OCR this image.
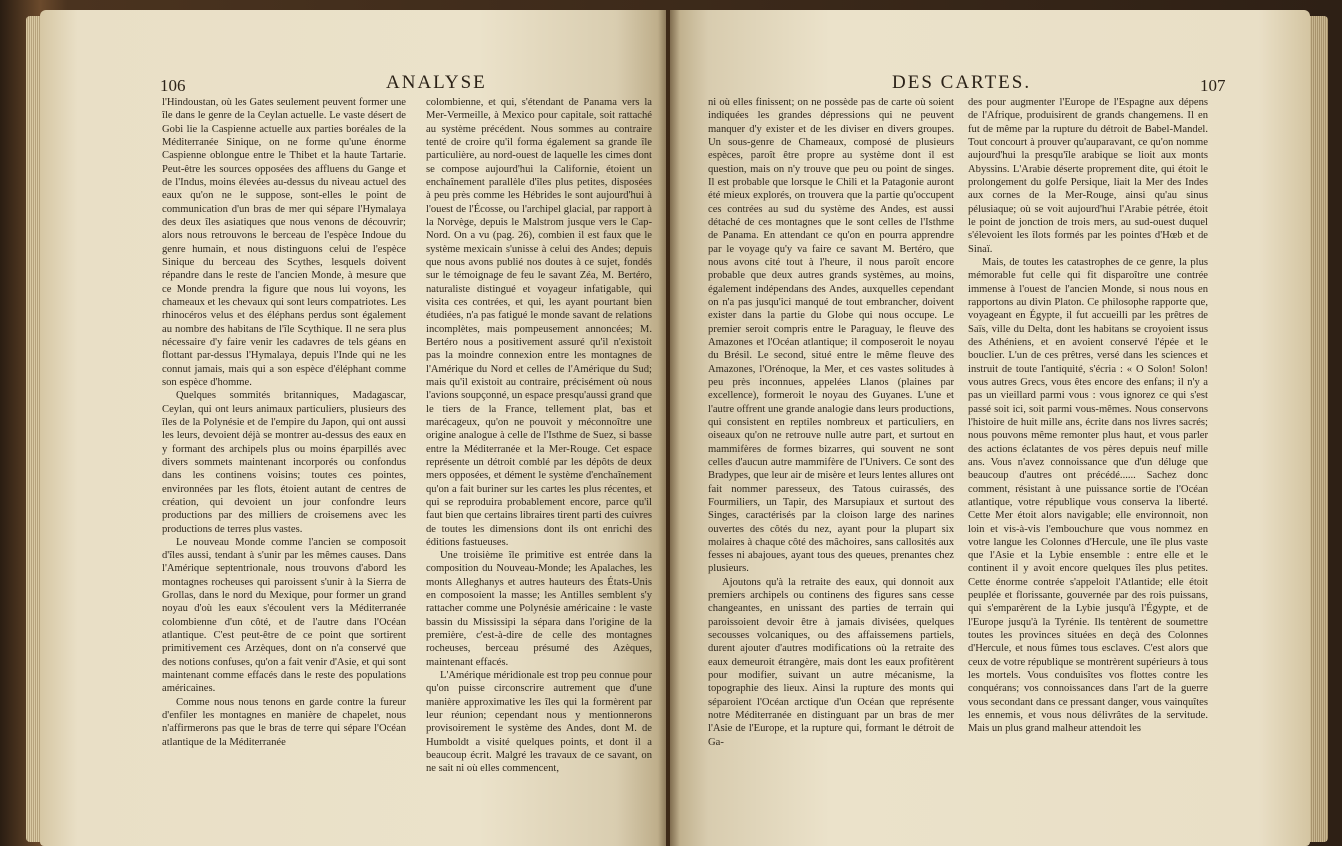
106	ANALYSE

l'Hindoustan, où les Gates seulement peuvent former une île dans le genre de la Ceylan actuelle. Le vaste désert de Gobi lie la Caspienne actuelle aux parties boréales de la Méditerranée Sinique, on ne forme qu'une énorme Caspienne oblongue entre le Thibet et la haute Tartarie. Peut-être les sources opposées des affluens du Gange et de l'Indus, moins élevées au-dessus du niveau actuel des eaux qu'on ne le suppose, sont-elles le point de communication d'un bras de mer qui sépare l'Hymalaya des deux îles asiatiques que nous venons de découvrir; alors nous retrouvons le berceau de l'espèce Indoue du genre humain, et nous distinguons celui de l'espèce Sinique du berceau des Scythes, lesquels doivent répandre dans le reste de l'ancien Monde, à mesure que ce Monde prendra la figure que nous lui voyons, les chameaux et les chevaux qui sont leurs compatriotes. Les rhinocéros velus et des éléphans perdus sont également au nombre des habitans de l'île Scythique. Il ne sera plus nécessaire d'y faire venir les cadavres de tels géans en flottant par-dessus l'Hymalaya, depuis l'Inde qui ne les connut jamais, mais qui a son espèce d'éléphant comme son espèce d'homme.

Quelques sommités britanniques, Madagascar, Ceylan, qui ont leurs animaux particuliers, plusieurs des îles de la Polynésie et de l'empire du Japon, qui ont aussi les leurs, devoient déjà se montrer au-dessus des eaux en y formant des archipels plus ou moins éparpillés avec divers sommets maintenant incorporés ou confondus dans les continens voisins; toutes ces pointes, environnées par les flots, étoient autant de centres de création, qui devoient un jour confondre leurs productions par des milliers de croisemens avec les productions de terres plus vastes.

Le nouveau Monde comme l'ancien se composoit d'îles aussi, tendant à s'unir par les mêmes causes. Dans l'Amérique septentrionale, nous trouvons d'abord les montagnes rocheuses qui paroissent s'unir à la Sierra de Grollas, dans le nord du Mexique, pour former un grand noyau d'où les eaux s'écoulent vers la Méditerranée colombienne d'un côté, et de l'autre dans l'Océan atlantique. C'est peut-être de ce point que sortirent primitivement ces Arzèques, dont on n'a conservé que des notions confuses, qu'on a fait venir d'Asie, et qui sont maintenant comme effacés dans le reste des populations américaines.

Comme nous nous tenons en garde contre la fureur d'enfiler les montagnes en manière de chapelet, nous n'affirmerons pas que le bras de terre qui sépare l'Océan atlantique de la Méditerranée

colombienne, et qui, s'étendant de Panama vers la Mer-Vermeille, à Mexico pour capitale, soit rattaché au système précédent. Nous sommes au contraire tenté de croire qu'il forma également sa grande île particulière, au nord-ouest de laquelle les cimes dont se compose aujourd'hui la Californie, étoient un enchaînement parallèle d'îles plus petites, disposées à peu près comme les Hébrides le sont aujourd'hui à l'ouest de l'Écosse, ou l'archipel glacial, par rapport à la Norvège, depuis le Malstrom jusque vers le Cap-Nord. On a vu (pag. 26), combien il est faux que le système mexicain s'unisse à celui des Andes; depuis que nous avons publié nos doutes à ce sujet, fondés sur le témoignage de feu le savant Zéa, M. Bertéro, naturaliste distingué et voyageur infatigable, qui visita ces contrées, et qui, les ayant pourtant bien étudiées, n'a pas fatigué le monde savant de relations incomplètes, mais pompeusement annoncées; M. Bertéro nous a positivement assuré qu'il n'existoit pas la moindre connexion entre les montagnes de l'Amérique du Nord et celles de l'Amérique du Sud; mais qu'il existoit au contraire, précisément où nous l'avions soupçonné, un espace presqu'aussi grand que le tiers de la France, tellement plat, bas et marécageux, qu'on ne pouvoit y méconnoître une origine analogue à celle de l'Isthme de Suez, si basse entre la Méditerranée et la Mer-Rouge. Cet espace représente un détroit comblé par les dépôts de deux mers opposées, et dément le système d'enchaînement qu'on a fait buriner sur les cartes les plus récentes, et qui se reproduira probablement encore, parce qu'il faut bien que certains libraires tirent parti des cuivres de toutes les dimensions dont ils ont enrichi des éditions fastueuses.

Une troisième île primitive est entrée dans la composition du Nouveau-Monde; les Apalaches, les monts Alleghanys et autres hauteurs des États-Unis en composoient la masse; les Antilles semblent s'y rattacher comme une Polynésie américaine : le vaste bassin du Mississipi la sépara dans l'origine de la première, c'est-à-dire de celle des montagnes rocheuses, berceau présumé des Azèques, maintenant effacés.

L'Amérique méridionale est trop peu connue pour qu'on puisse circonscrire autrement que d'une manière approximative les îles qui la formèrent par leur réunion; cependant nous y mentionnerons provisoirement le système des Andes, dont M. de Humboldt a visité quelques points, et dont il a beaucoup écrit. Malgré les travaux de ce savant, on ne sait ni où elles commencent,

DES CARTES.	107

ni où elles finissent; on ne possède pas de carte où soient indiquées les grandes dépressions qui ne peuvent manquer d'y exister et de les diviser en divers groupes. Un sous-genre de Chameaux, composé de plusieurs espèces, paroît être propre au système dont il est question, mais on n'y trouve que peu ou point de singes. Il est probable que lorsque le Chili et la Patagonie auront été mieux explorés, on trouvera que la partie qu'occupent ces contrées au sud du système des Andes, est aussi détaché de ces montagnes que le sont celles de l'Isthme de Panama. En attendant ce qu'on en pourra apprendre par le voyage qu'y va faire ce savant M. Bertéro, que nous avons cité tout à l'heure, il nous paroît encore probable que deux autres grands systèmes, au moins, également indépendans des Andes, auxquelles cependant on n'a pas jusqu'ici manqué de tout embrancher, doivent exister dans la partie du Globe qui nous occupe. Le premier seroit compris entre le Paraguay, le fleuve des Amazones et l'Océan atlantique; il composeroit le noyau du Brésil. Le second, situé entre le même fleuve des Amazones, l'Orénoque, la Mer, et ces vastes solitudes à peu près inconnues, appelées Llanos (plaines par excellence), formeroit le noyau des Guyanes. L'une et l'autre offrent une grande analogie dans leurs productions, qui consistent en reptiles nombreux et particuliers, en oiseaux qu'on ne retrouve nulle autre part, et surtout en mammifères de formes bizarres, qui souvent ne sont celles d'aucun autre mammifère de l'Univers. Ce sont des Bradypes, que leur air de misère et leurs lentes allures ont fait nommer paresseux, des Tatous cuirassés, des Fourmiliers, un Tapir, des Marsupiaux et surtout des Singes, caractérisés par la cloison large des narines ouvertes des côtés du nez, ayant pour la plupart six molaires à chaque côté des mâchoires, sans callosités aux fesses ni abajoues, ayant tous des queues, prenantes chez plusieurs.

Ajoutons qu'à la retraite des eaux, qui donnoit aux premiers archipels ou continens des figures sans cesse changeantes, en unissant des parties de terrain qui paroissoient devoir être à jamais divisées, quelques secousses volcaniques, ou des affaissemens partiels, durent ajouter d'autres modifications où la retraite des eaux demeuroit étrangère, mais dont les eaux profitèrent pour modifier, suivant un autre mécanisme, la topographie des lieux. Ainsi la rupture des monts qui séparoient l'Océan arctique d'un Océan que représente notre Méditerranée en distinguant par un bras de mer l'Asie de l'Europe, et la rupture qui, formant le détroit de Ga-

des pour augmenter l'Europe de l'Espagne aux dépens de l'Afrique, produisirent de grands changemens. Il en fut de même par la rupture du détroit de Babel-Mandel. Tout concourt à prouver qu'auparavant, ce qu'on nomme aujourd'hui la presqu'île arabique se lioit aux monts Abyssins. L'Arabie déserte proprement dite, qui étoit le prolongement du golfe Persique, liait la Mer des Indes aux cornes de la Mer-Rouge, ainsi qu'au sinus pélusiaque; où se voit aujourd'hui l'Arabie pétrée, étoit le point de jonction de trois mers, au sud-ouest duquel s'élevoient les îlots formés par les pointes d'Hœb et de Sinaï.

Mais, de toutes les catastrophes de ce genre, la plus mémorable fut celle qui fit disparoître une contrée immense à l'ouest de l'ancien Monde, si nous nous en rapportons au divin Platon. Ce philosophe rapporte que, voyageant en Égypte, il fut accueilli par les prêtres de Saïs, ville du Delta, dont les habitans se croyoient issus des Athéniens, et en avoient conservé l'épée et le bouclier. L'un de ces prêtres, versé dans les sciences et instruit de toute l'antiquité, s'écria : « O Solon! Solon! vous autres Grecs, vous êtes encore des enfans; il n'y a pas un vieillard parmi vous : vous ignorez ce qui s'est passé soit ici, soit parmi vous-mêmes. Nous conservons l'histoire de huit mille ans, écrite dans nos livres sacrés; nous pouvons même remonter plus haut, et vous parler des actions éclatantes de vos pères depuis neuf mille ans. Vous n'avez connoissance que d'un déluge que beaucoup d'autres ont précédé...... Sachez donc comment, résistant à une puissance sortie de l'Océan atlantique, votre république vous conserva la liberté. Cette Mer étoit alors navigable; elle environnoit, non loin et vis-à-vis l'embouchure que vous nommez en votre langue les Colonnes d'Hercule, une île plus vaste que l'Asie et la Lybie ensemble : entre elle et le continent il y avoit encore quelques îles plus petites. Cette énorme contrée s'appeloit l'Atlantide; elle étoit peuplée et florissante, gouvernée par des rois puissans, qui s'emparèrent de la Lybie jusqu'à l'Égypte, et de l'Europe jusqu'à la Tyrénie. Ils tentèrent de soumettre toutes les provinces situées en deçà des Colonnes d'Hercule, et nous fûmes tous esclaves. C'est alors que ceux de votre république se montrèrent supérieurs à tous les mortels. Vous conduisîtes vos flottes contre les conquérans; vos connoissances dans l'art de la guerre vous secondant dans ce pressant danger, vous vainquîtes les ennemis, et vous nous délivrâtes de la servitude. Mais un plus grand malheur attendoit les
